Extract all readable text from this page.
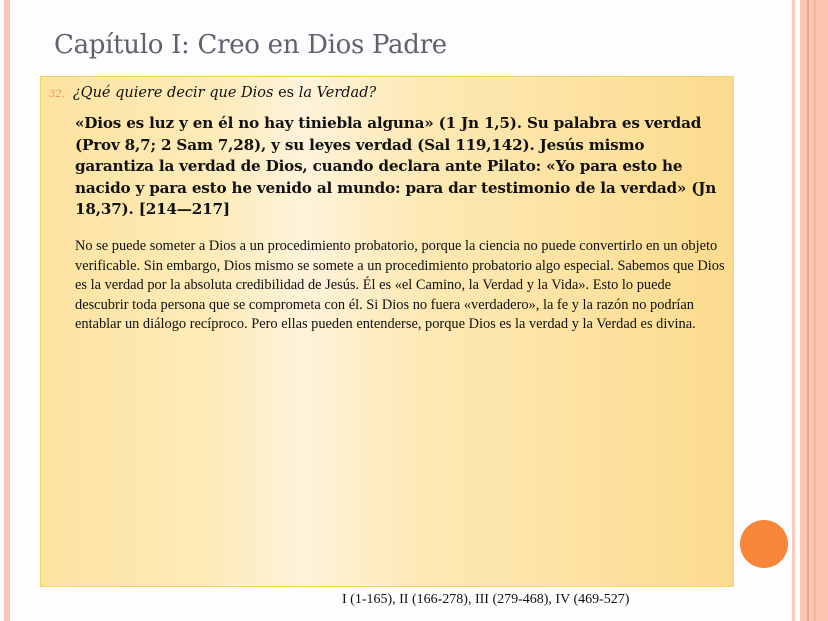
Capítulo I: Creo en Dios Padre
32. ¿Qué quiere decir que Dios es la Verdad?
«Dios es luz y en él no hay tiniebla alguna» (1 Jn 1,5). Su palabra es verdad (Prov 8,7; 2 Sam 7,28), y su leyes verdad (Sal 119,142). Jesús mismo garantiza la verdad de Dios, cuando declara ante Pilato: «Yo para esto he nacido y para esto he venido al mundo: para dar testimonio de la verdad» (Jn 18,37). [214—217]
No se puede someter a Dios a un procedimiento probatorio, porque la ciencia no puede convertirlo en un objeto verificable. Sin embargo, Dios mismo se somete a un procedimiento probatorio algo especial. Sabemos que Dios es la verdad por la absoluta credibilidad de Jesús. Él es «el Camino, la Verdad y la Vida». Esto lo puede descubrir toda persona que se comprometa con él. Si Dios no fuera «verdadero», la fe y la razón no podrían entablar un diálogo recíproco. Pero ellas pueden entenderse, porque Dios es la verdad y la Verdad es divina.
I (1-165), II (166-278), III (279-468), IV (469-527)
